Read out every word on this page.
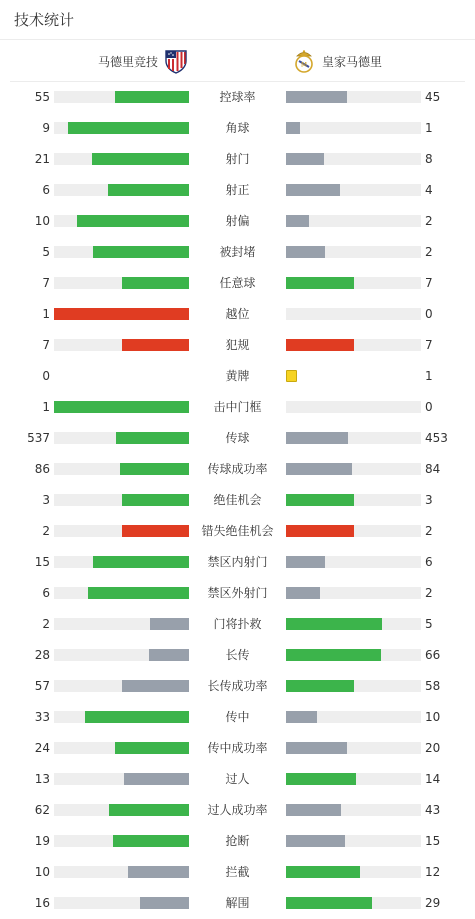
技术统计
马德里竞技	M 皇家马德里
55	控球率	45
9	角球	1
21	射门	8
6	射正	4
10	射偏	2
5	被封堵	2
7	任意球	7
1	越位	0
7	犯规	7
0	黄牌	1
1	击中门框	0
537	传球	453
86	传球成功率	84
3	绝佳机会	3
2	错失绝佳机会	2
15	禁区内射门	6
6	禁区外射门	2
2	门将扑救	5
28	长传	66
57	长传成功率	58
33	传中	10
24	传中成功率	20
13	过人	14
62	过人成功率	43
19	抢断	15
10	拦截	12
16	解围	29
